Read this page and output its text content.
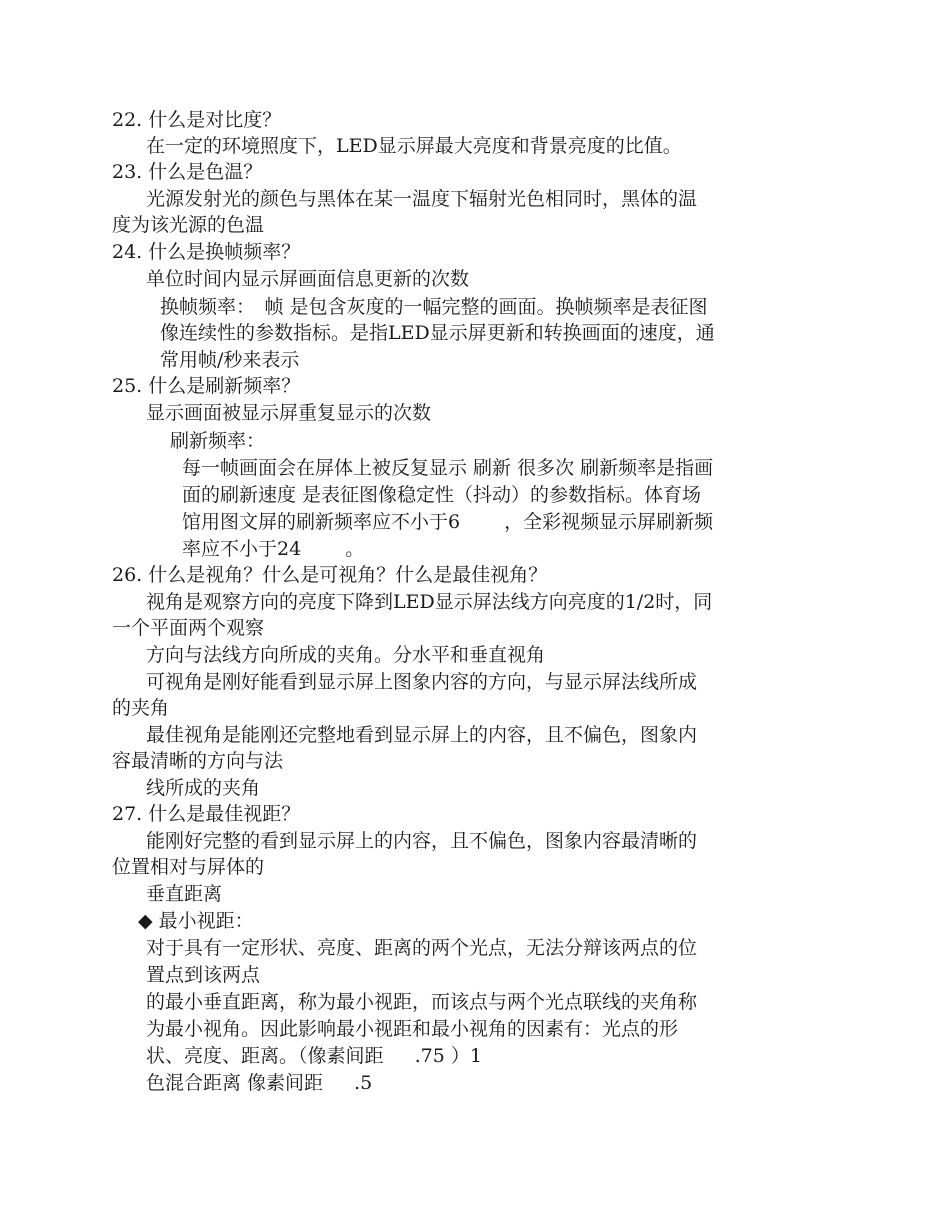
22. 什么是对比度？

在一定的环境照度下，LED显示屏最大亮度和背景亮度的比值。

23. 什么是色温？

光源发射光的颜色与黑体在某一温度下辐射光色相同时，黑体的温

度为该光源的色温

24. 什么是换帧频率？

单位时间内显示屏画面信息更新的次数

换帧频率：　帧 是包含灰度的一幅完整的画面。换帧频率是表征图

像连续性的参数指标。是指LED显示屏更新和转换画面的速度，通

常用帧/秒来表示

25. 什么是刷新频率？

显示画面被显示屏重复显示的次数

刷新频率：

每一帧画面会在屏体上被反复显示 刷新 很多次 刷新频率是指画

面的刷新速度 是表征图像稳定性（抖动）的参数指标。体育场

馆用图文屏的刷新频率应不小于6 　　，全彩视频显示屏刷新频

率应不小于24 　　。

26. 什么是视角？什么是可视角？什么是最佳视角？

视角是观察方向的亮度下降到LED显示屏法线方向亮度的1/2时，同

一个平面两个观察

方向与法线方向所成的夹角。分水平和垂直视角

可视角是刚好能看到显示屏上图象内容的方向，与显示屏法线所成

的夹角

最佳视角是能刚还完整地看到显示屏上的内容，且不偏色，图象内

容最清晰的方向与法

线所成的夹角

27. 什么是最佳视距？

能刚好完整的看到显示屏上的内容，且不偏色，图象内容最清晰的

位置相对与屏体的

垂直距离

◆ 最小视距：

对于具有一定形状、亮度、距离的两个光点，无法分辩该两点的位

置点到该两点

的最小垂直距离，称为最小视距，而该点与两个光点联线的夹角称

为最小视角。因此影响最小视距和最小视角的因素有：光点的形

状、亮度、距离。（像素间距 　 .75 ）1

色混合距离 像素间距 　 .5
